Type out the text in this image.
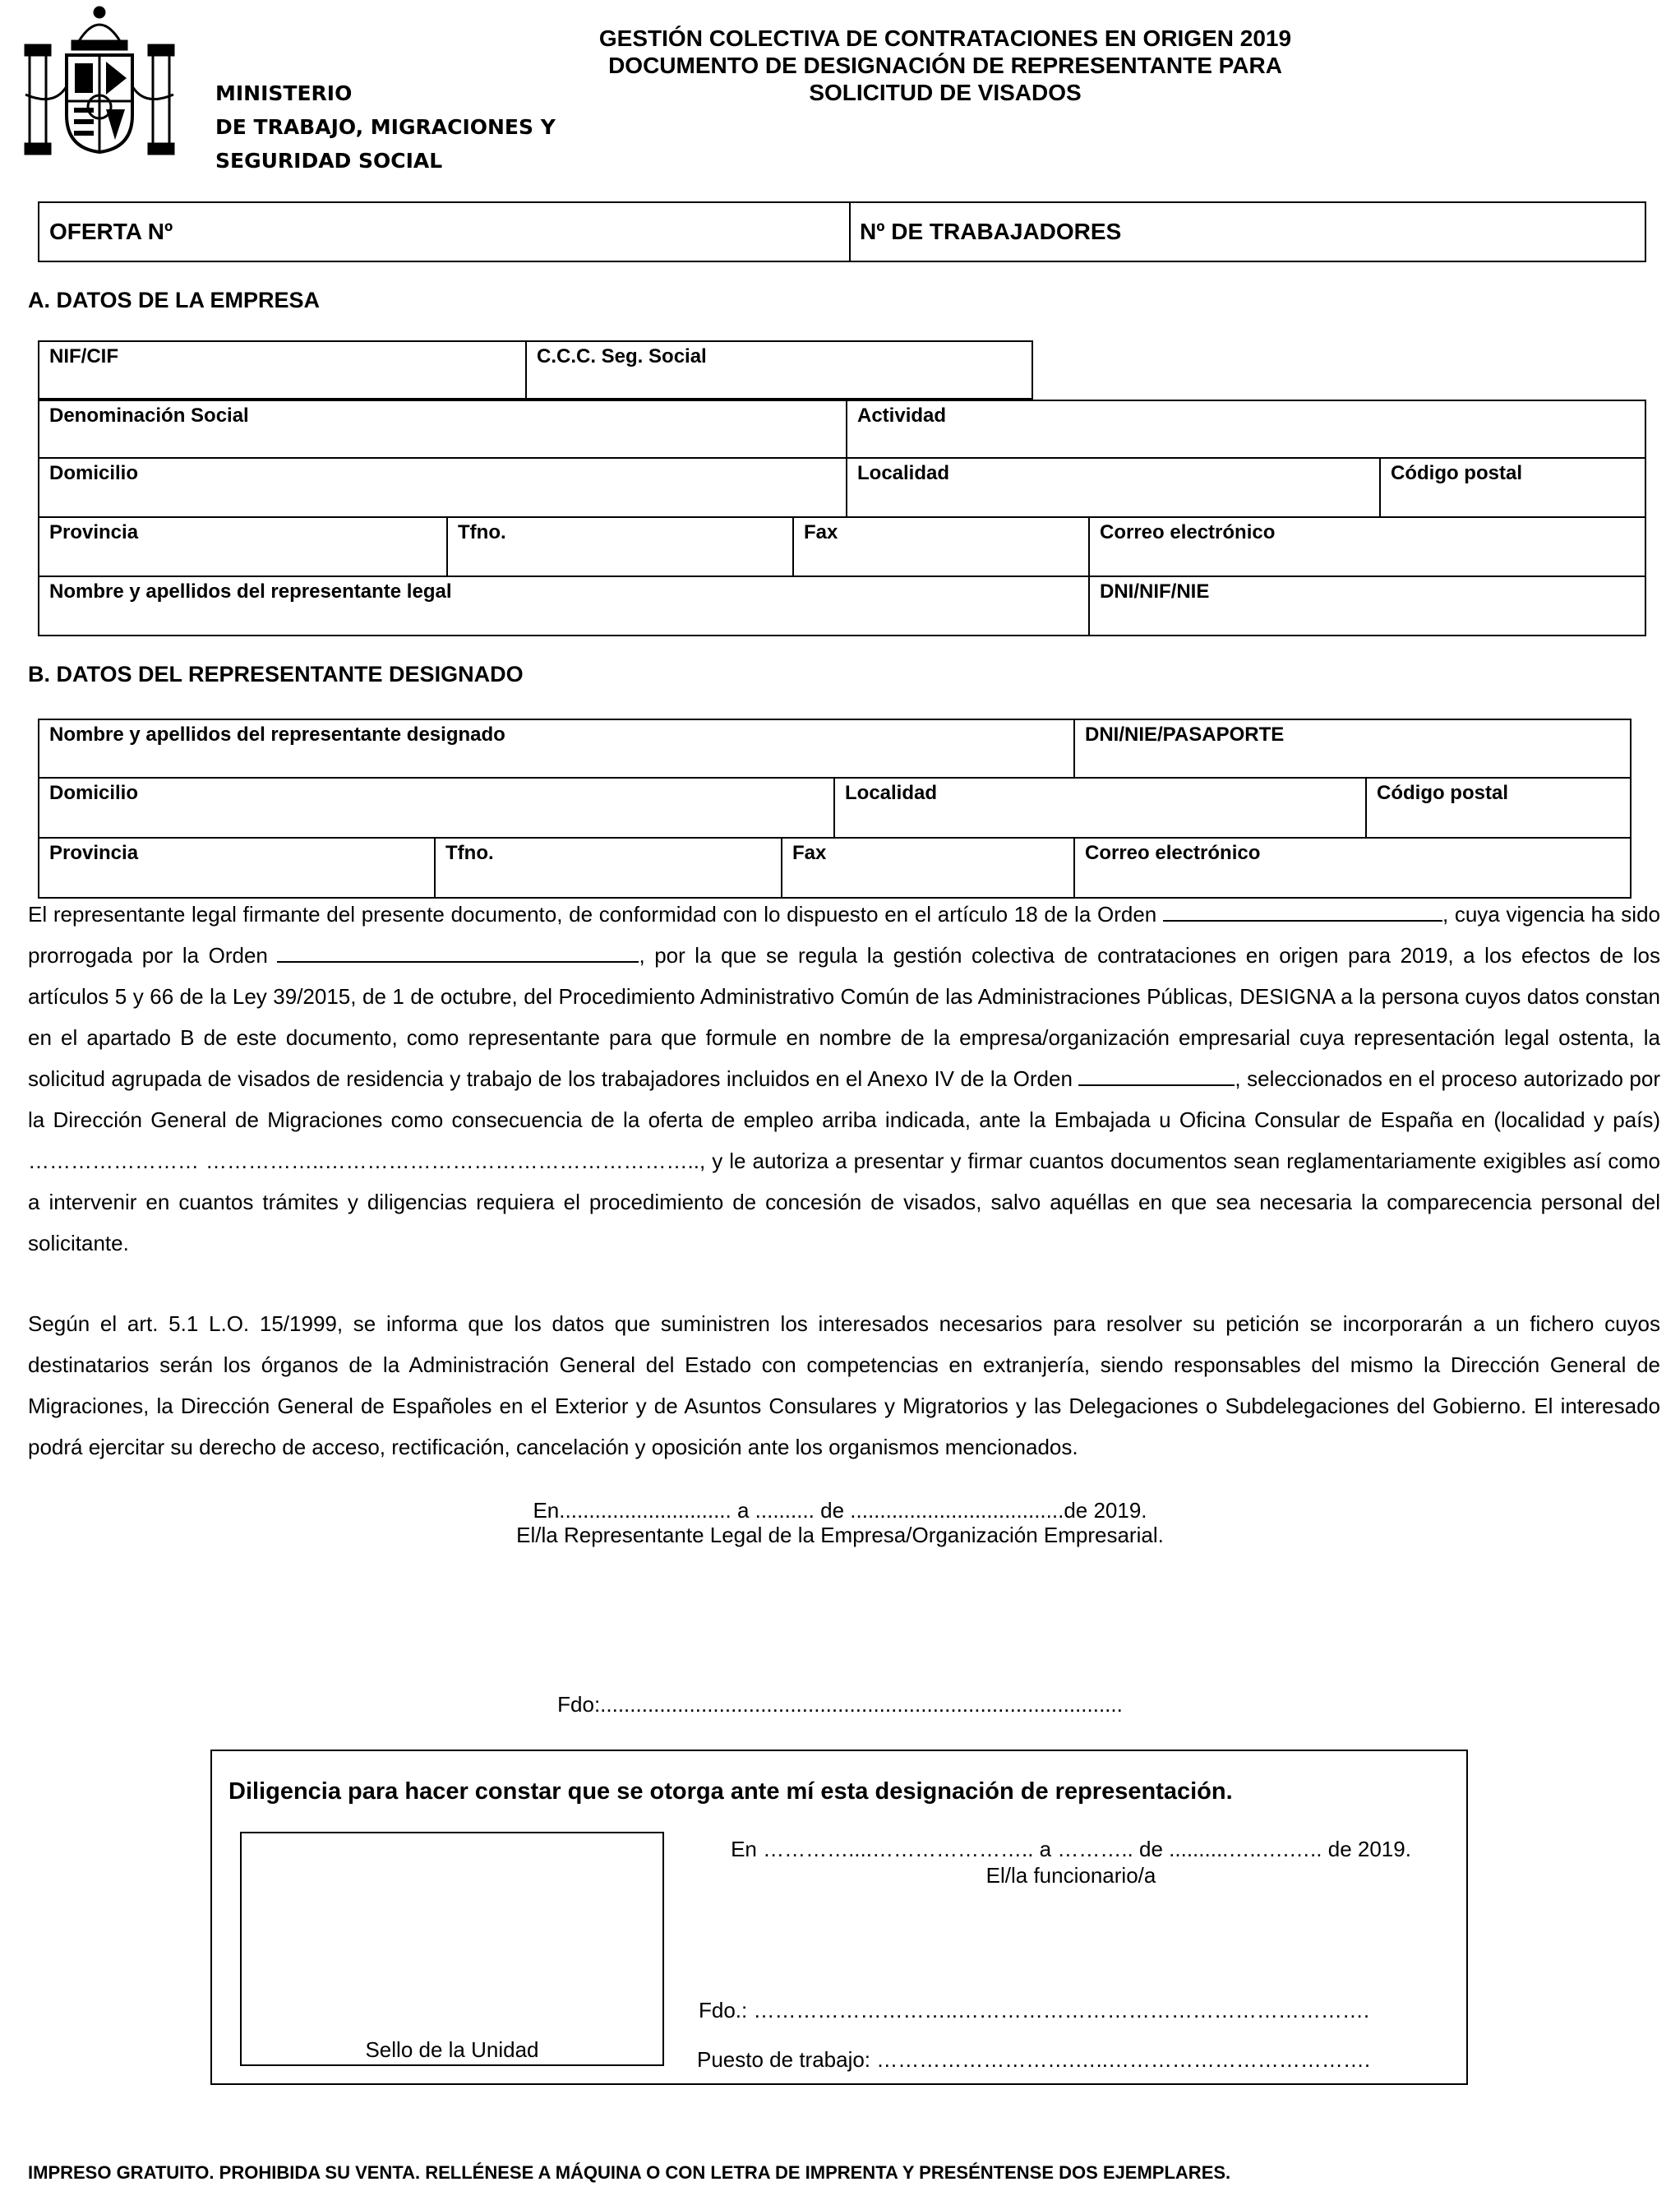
MINISTERIO
DE TRABAJO, MIGRACIONES Y
SEGURIDAD SOCIAL
GESTIÓN COLECTIVA DE CONTRATACIONES EN ORIGEN 2019
DOCUMENTO DE DESIGNACIÓN DE REPRESENTANTE PARA
SOLICITUD DE VISADOS
OFERTA Nº	Nº DE TRABAJADORES
A. DATOS DE LA EMPRESA
NIF/CIF	C.C.C. Seg. Social
Denominación Social	Actividad
Domicilio	Localidad	Código postal
Provincia	Tfno.	Fax	Correo electrónico
Nombre y apellidos del representante legal	DNI/NIF/NIE
B. DATOS DEL REPRESENTANTE DESIGNADO
Nombre y apellidos del representante designado	DNI/NIE/PASAPORTE
Domicilio	Localidad	Código postal
Provincia	Tfno.	Fax	Correo electrónico
El representante legal firmante del presente documento, de conformidad con lo dispuesto en el artículo 18 de la Orden	, cuya vigencia ha sido prorrogada por la Orden	, por la que se regula la gestión colectiva de contrataciones en origen para 2019, a los efectos de los artículos 5 y 66 de la Ley 39/2015, de 1 de octubre, del Procedimiento Administrativo Común de las Administraciones Públicas, DESIGNA a la persona cuyos datos constan en el apartado B de este documento, como representante para que formule en nombre de la empresa/organización empresarial cuya representación legal ostenta, la solicitud agrupada de visados de residencia y trabajo de los trabajadores incluidos en el Anexo IV de la Orden	, seleccionados en el proceso autorizado por la Dirección General de Migraciones como consecuencia de la oferta de empleo arriba indicada, ante la Embajada u Oficina Consular de España en (localidad y país) …………………… ……………..…………………………………………….., y le autoriza a presentar y firmar cuantos documentos sean reglamentariamente exigibles así como a intervenir en cuantos trámites y diligencias requiera el procedimiento de concesión de visados, salvo aquéllas en que sea necesaria la comparecencia personal del solicitante.
Según el art. 5.1 L.O. 15/1999, se informa que los datos que suministren los interesados necesarios para resolver su petición se incorporarán a un fichero cuyos destinatarios serán los órganos de la Administración General del Estado con competencias en extranjería, siendo responsables del mismo la Dirección General de Migraciones, la Dirección General de Españoles en el Exterior y de Asuntos Consulares y Migratorios y las Delegaciones o Subdelegaciones del Gobierno. El interesado podrá ejercitar su derecho de acceso, rectificación, cancelación y oposición ante los organismos mencionados.
En............................. a .......... de ....................................de 2019.
El/la Representante Legal de la Empresa/Organización Empresarial.
Fdo:........................................................................................
Diligencia para hacer constar que se otorga ante mí esta designación de representación.
Sello de la Unidad
En …………....………………….. a ……….. de ..........…..….….. de 2019.
El/la funcionario/a
Fdo.: ………………………..………………………………………………….
Puesto de trabajo: ……………………….…..……………………………….
IMPRESO GRATUITO. PROHIBIDA SU VENTA. RELLÉNESE A MÁQUINA O CON LETRA DE IMPRENTA Y PRESÉNTENSE DOS EJEMPLARES.
